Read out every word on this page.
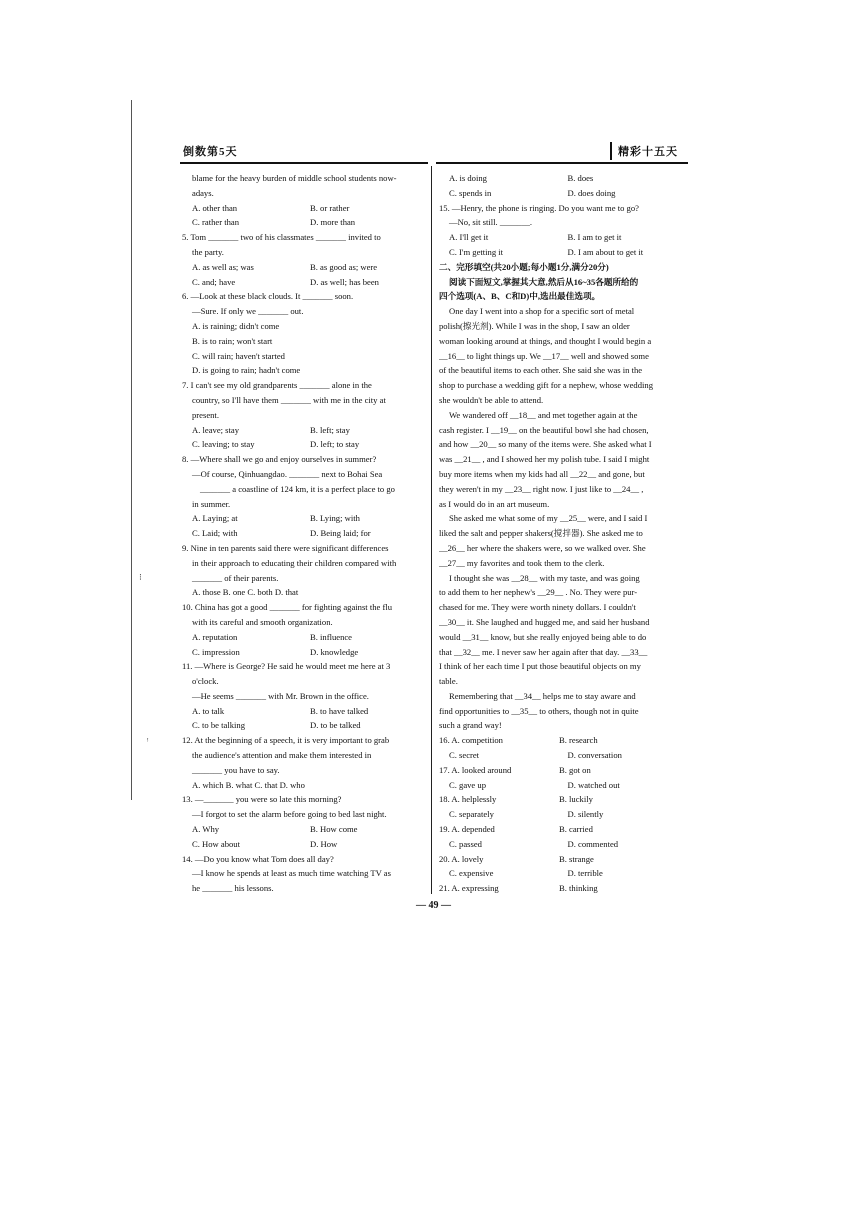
倒数第5天	精彩十五天
blame for the heavy burden of middle school students now-
adays.
A. other than	B. or rather
C. rather than	D. more than
5. Tom _______ two of his classmates _______ invited to
the party.
A. as well as; was	B. as good as; were
C. and; have	D. as well; has been
6. —Look at these black clouds. It _______ soon.
—Sure. If only we _______ out.
A. is raining; didn't come
B. is to rain; won't start
C. will rain; haven't started
D. is going to rain; hadn't come
7. I can't see my old grandparents _______ alone in the
country, so I'll have them _______ with me in the city at
present.
A. leave; stay	B. left; stay
C. leaving; to stay	D. left; to stay
8. —Where shall we go and enjoy ourselves in summer?
—Of course, Qinhuangdao. _______ next to Bohai Sea
_______ a coastline of 124 km, it is a perfect place to go
in summer.
A. Laying; at	B. Lying; with
C. Laid; with	D. Being laid; for
9. Nine in ten parents said there were significant differences
in their approach to educating their children compared with
_______ of their parents.
A. those B. one C. both D. that
10. China has got a good _______ for fighting against the flu
with its careful and smooth organization.
A. reputation	B. influence
C. impression	D. knowledge
11. —Where is George? He said he would meet me here at 3
o'clock.
—He seems _______ with Mr. Brown in the office.
A. to talk	B. to have talked
C. to be talking	D. to be talked
12. At the beginning of a speech, it is very important to grab
the audience's attention and make them interested in
_______ you have to say.
A. which B. what C. that D. who
13. —_______ you were so late this morning?
—I forgot to set the alarm before going to bed last night.
A. Why	B. How come
C. How about	D. How
14. —Do you know what Tom does all day?
—I know he spends at least as much time watching TV as
he _______ his lessons.
A. is doing	B. does
C. spends in	D. does doing
15. —Henry, the phone is ringing. Do you want me to go?
—No, sit still. _______.
A. I'll get it	B. I am to get it
C. I'm getting it	D. I am about to get it
二、完形填空(共20小题;每小题1分,满分20分)
阅读下面短文,掌握其大意,然后从16~35各题所给的
四个选项(A、B、C和D)中,选出最佳选项。
One day I went into a shop for a specific sort of metal
polish(擦光剂). While I was in the shop, I saw an older
woman looking around at things, and thought I would begin a
__16__ to light things up. We __17__ well and showed some
of the beautiful items to each other. She said she was in the
shop to purchase a wedding gift for a nephew, whose wedding
she wouldn't be able to attend.
We wandered off __18__ and met together again at the
cash register. I __19__ on the beautiful bowl she had chosen,
and how __20__ so many of the items were. She asked what I
was __21__ , and I showed her my polish tube. I said I might
buy more items when my kids had all __22__ and gone, but
they weren't in my __23__ right now. I just like to __24__ ,
as I would do in an art museum.
She asked me what some of my __25__ were, and I said I
liked the salt and pepper shakers(搅拌器). She asked me to
__26__ her where the shakers were, so we walked over. She
__27__ my favorites and took them to the clerk.
I thought she was __28__ with my taste, and was going
to add them to her nephew's __29__ . No. They were pur-
chased for me. They were worth ninety dollars. I couldn't
__30__ it. She laughed and hugged me, and said her husband
would __31__ know, but she really enjoyed being able to do
that __32__ me. I never saw her again after that day. __33__
I think of her each time I put those beautiful objects on my
table.
Remembering that __34__ helps me to stay aware and
find opportunities to __35__ to others, though not in quite
such a grand way!
16. A. competition	B. research
C. secret	D. conversation
17. A. looked around	B. got on
C. gave up	D. watched out
18. A. helplessly	B. luckily
C. separately	D. silently
19. A. depended	B. carried
C. passed	D. commented
20. A. lovely	B. strange
C. expensive	D. terrible
21. A. expressing	B. thinking
— 49 —
⁝
ᵎ
